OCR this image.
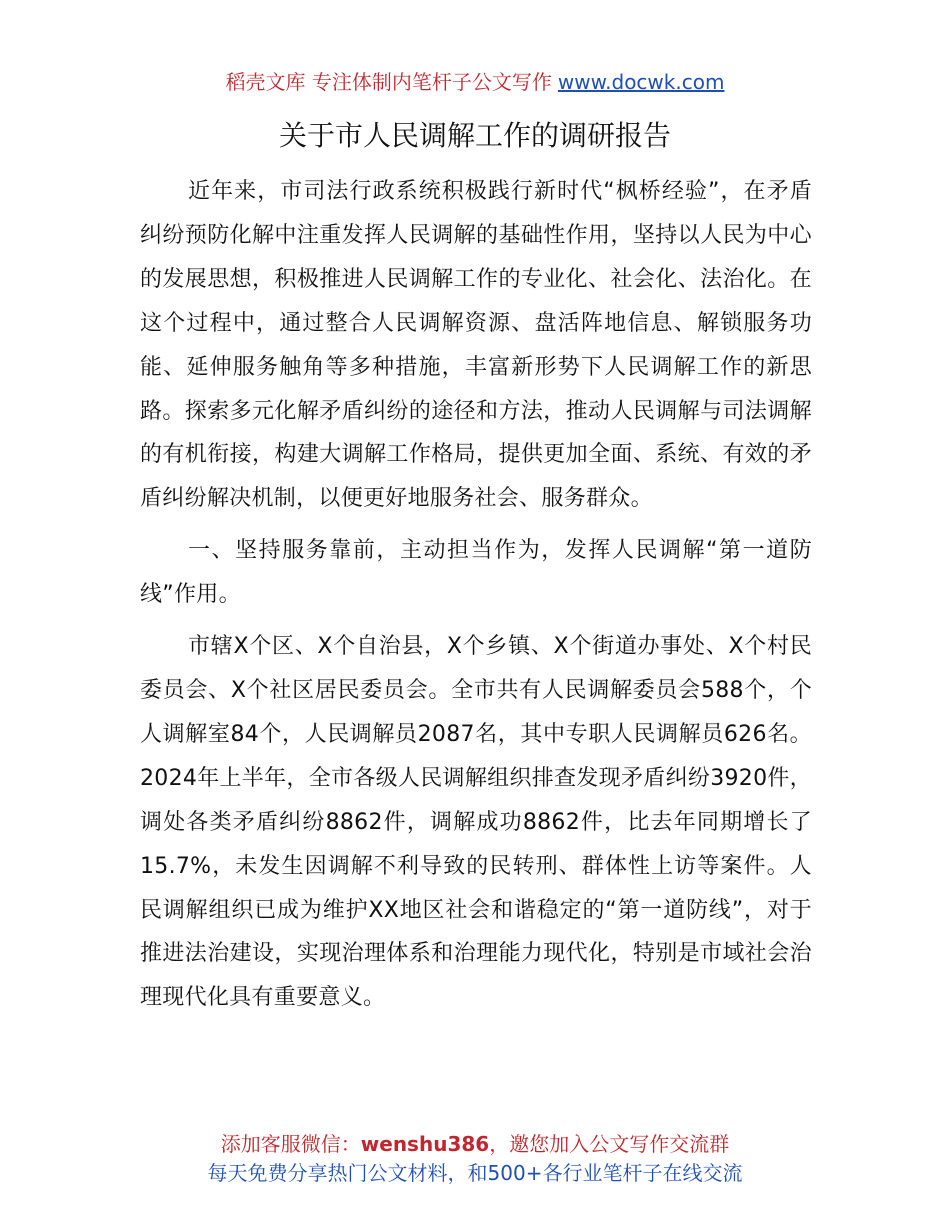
稻壳文库 专注体制内笔杆子公文写作 www.docwk.com
关于市人民调解工作的调研报告

近年来，市司法行政系统积极践行新时代“枫桥经验”，在矛盾纠纷预防化解中注重发挥人民调解的基础性作用，坚持以人民为中心的发展思想，积极推进人民调解工作的专业化、社会化、法治化。在这个过程中，通过整合人民调解资源、盘活阵地信息、解锁服务功能、延伸服务触角等多种措施，丰富新形势下人民调解工作的新思路。探索多元化解矛盾纠纷的途径和方法，推动人民调解与司法调解的有机衔接，构建大调解工作格局，提供更加全面、系统、有效的矛盾纠纷解决机制，以便更好地服务社会、服务群众。

一、坚持服务靠前，主动担当作为，发挥人民调解“第一道防线”作用。

市辖X个区、X个自治县，X个乡镇、X个街道办事处、X个村民委员会、X个社区居民委员会。全市共有人民调解委员会588个，个人调解室84个，人民调解员2087名，其中专职人民调解员626名。2024年上半年，全市各级人民调解组织排查发现矛盾纠纷3920件，调处各类矛盾纠纷8862件，调解成功8862件，比去年同期增长了15.7%，未发生因调解不利导致的民转刑、群体性上访等案件。人民调解组织已成为维护XX地区社会和谐稳定的“第一道防线”，对于推进法治建设，实现治理体系和治理能力现代化，特别是市域社会治理现代化具有重要意义。

添加客服微信：wenshu386，邀您加入公文写作交流群
每天免费分享热门公文材料，和500+各行业笔杆子在线交流
